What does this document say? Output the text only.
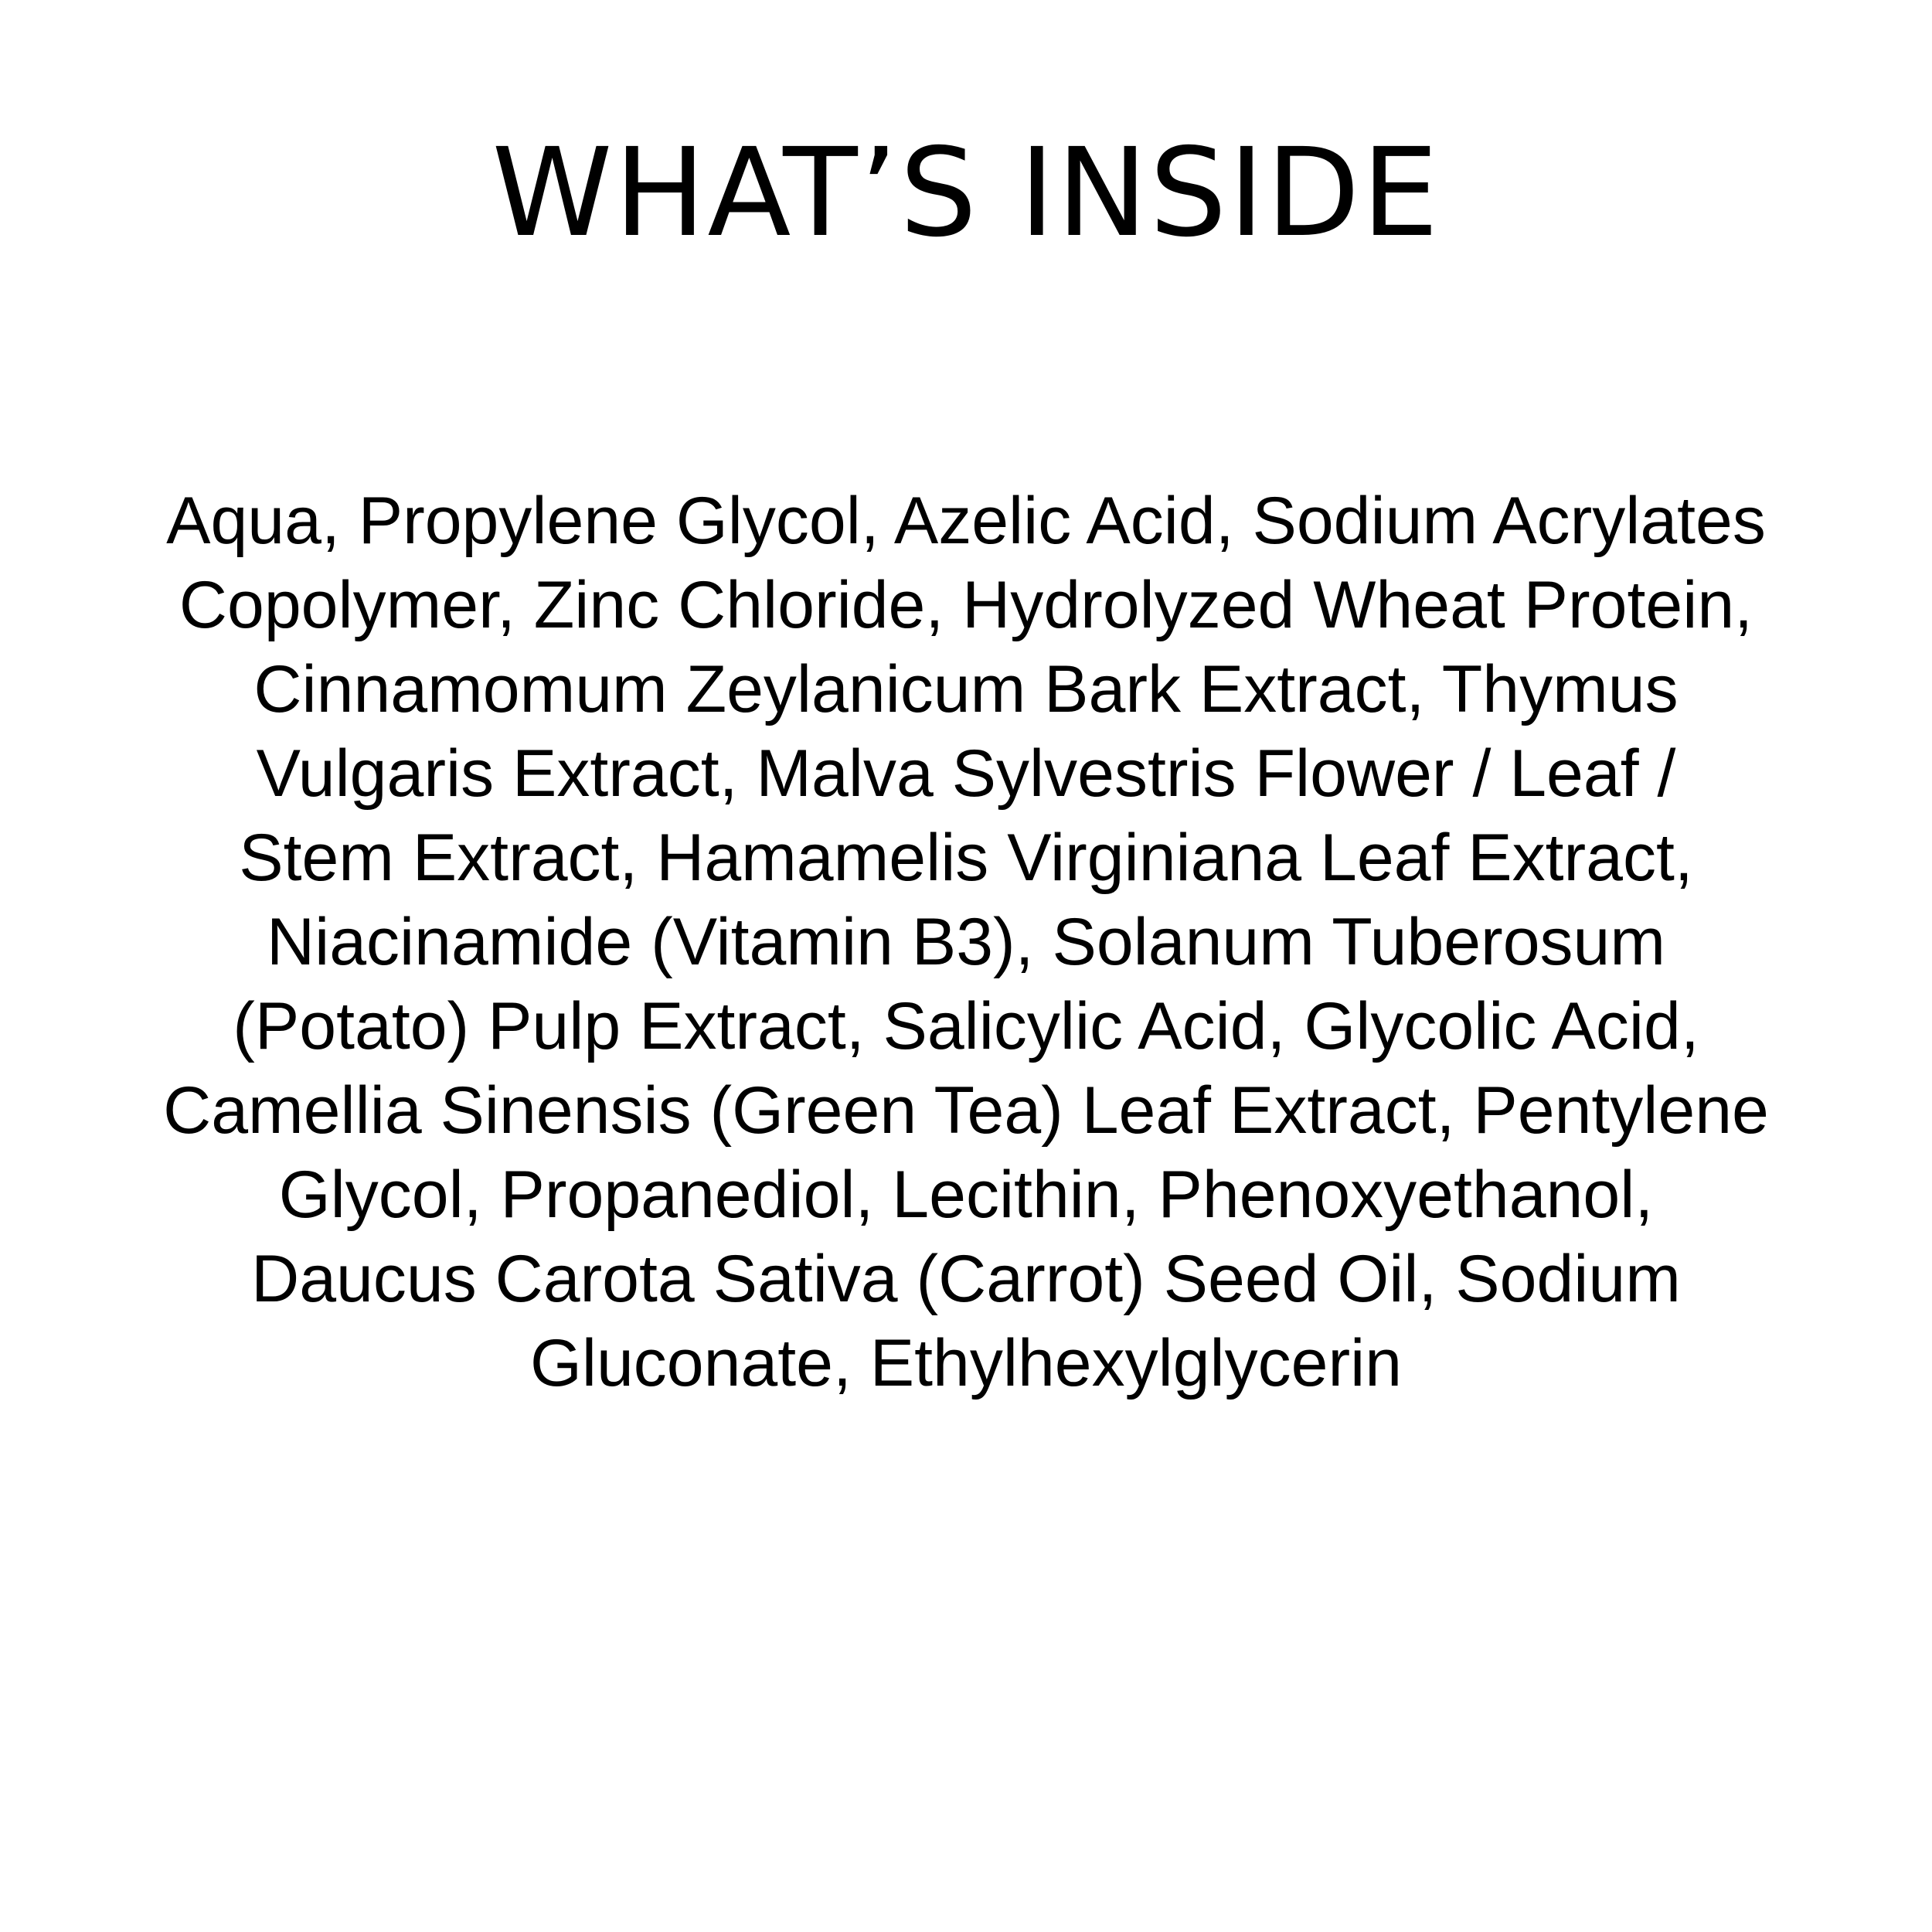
WHAT’S INSIDE
Aqua, Propylene Glycol, Azelic Acid, Sodium Acrylates
Copolymer, Zinc Chloride, Hydrolyzed Wheat Protein,
Cinnamomum Zeylanicum Bark Extract, Thymus
Vulgaris Extract, Malva Sylvestris Flower / Leaf /
Stem Extract, Hamamelis Virginiana Leaf Extract,
Niacinamide (Vitamin B3), Solanum Tuberosum
(Potato) Pulp Extract, Salicylic Acid, Glycolic Acid,
Camellia Sinensis (Green Tea) Leaf Extract, Pentylene
Glycol, Propanediol, Lecithin, Phenoxyethanol,
Daucus Carota Sativa (Carrot) Seed Oil, Sodium
Gluconate, Ethylhexylglycerin
